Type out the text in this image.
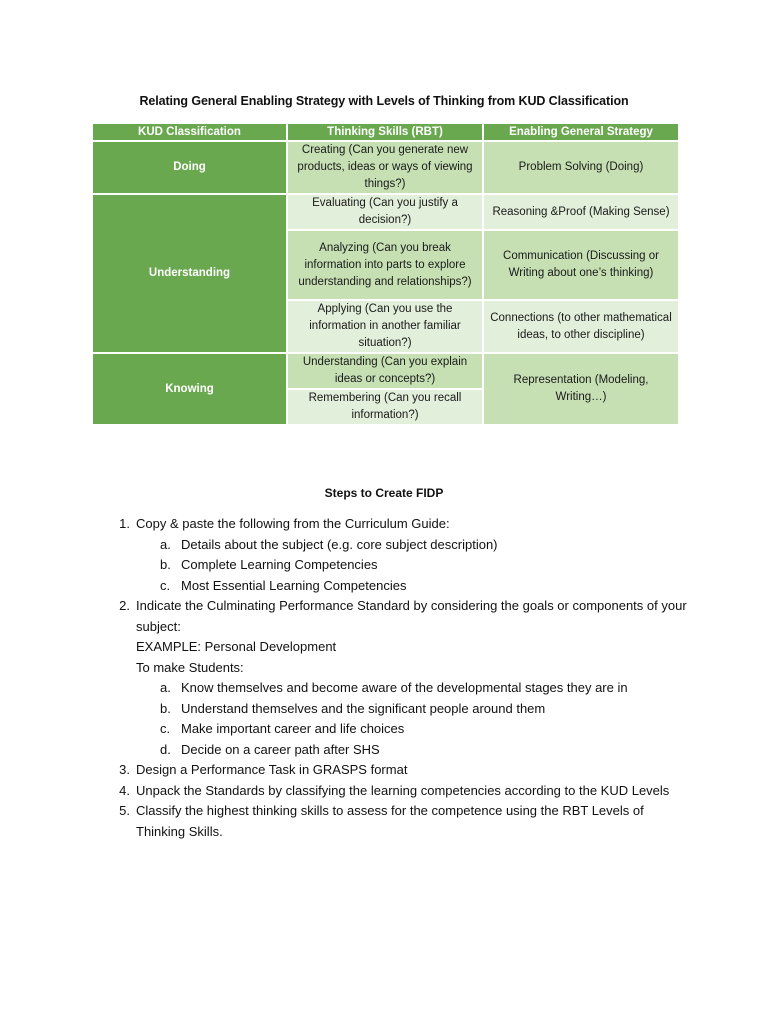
Relating General Enabling Strategy with Levels of Thinking from KUD Classification
KUD Classification	Thinking Skills (RBT)	Enabling General Strategy
Doing	Creating (Can you generate new products, ideas or ways of viewing things?)	Problem Solving (Doing)
Understanding	Evaluating (Can you justify a decision?)	Reasoning &Proof (Making Sense)
	Analyzing (Can you break information into parts to explore understanding and relationships?)	Communication (Discussing or Writing about one’s thinking)
	Applying (Can you use the information in another familiar situation?)	Connections (to other mathematical ideas, to other discipline)
Knowing	Understanding (Can you explain ideas or concepts?)	Representation (Modeling, Writing…)
	Remembering (Can you recall information?)	
Steps to Create FIDP
1. Copy & paste the following from the Curriculum Guide:
a. Details about the subject (e.g. core subject description)
b. Complete Learning Competencies
c. Most Essential Learning Competencies
2. Indicate the Culminating Performance Standard by considering the goals or components of your subject:
EXAMPLE: Personal Development
To make Students:
a. Know themselves and become aware of the developmental stages they are in
b. Understand themselves and the significant people around them
c. Make important career and life choices
d. Decide on a career path after SHS
3. Design a Performance Task in GRASPS format
4. Unpack the Standards by classifying the learning competencies according to the KUD Levels
5. Classify the highest thinking skills to assess for the competence using the RBT Levels of Thinking Skills.
